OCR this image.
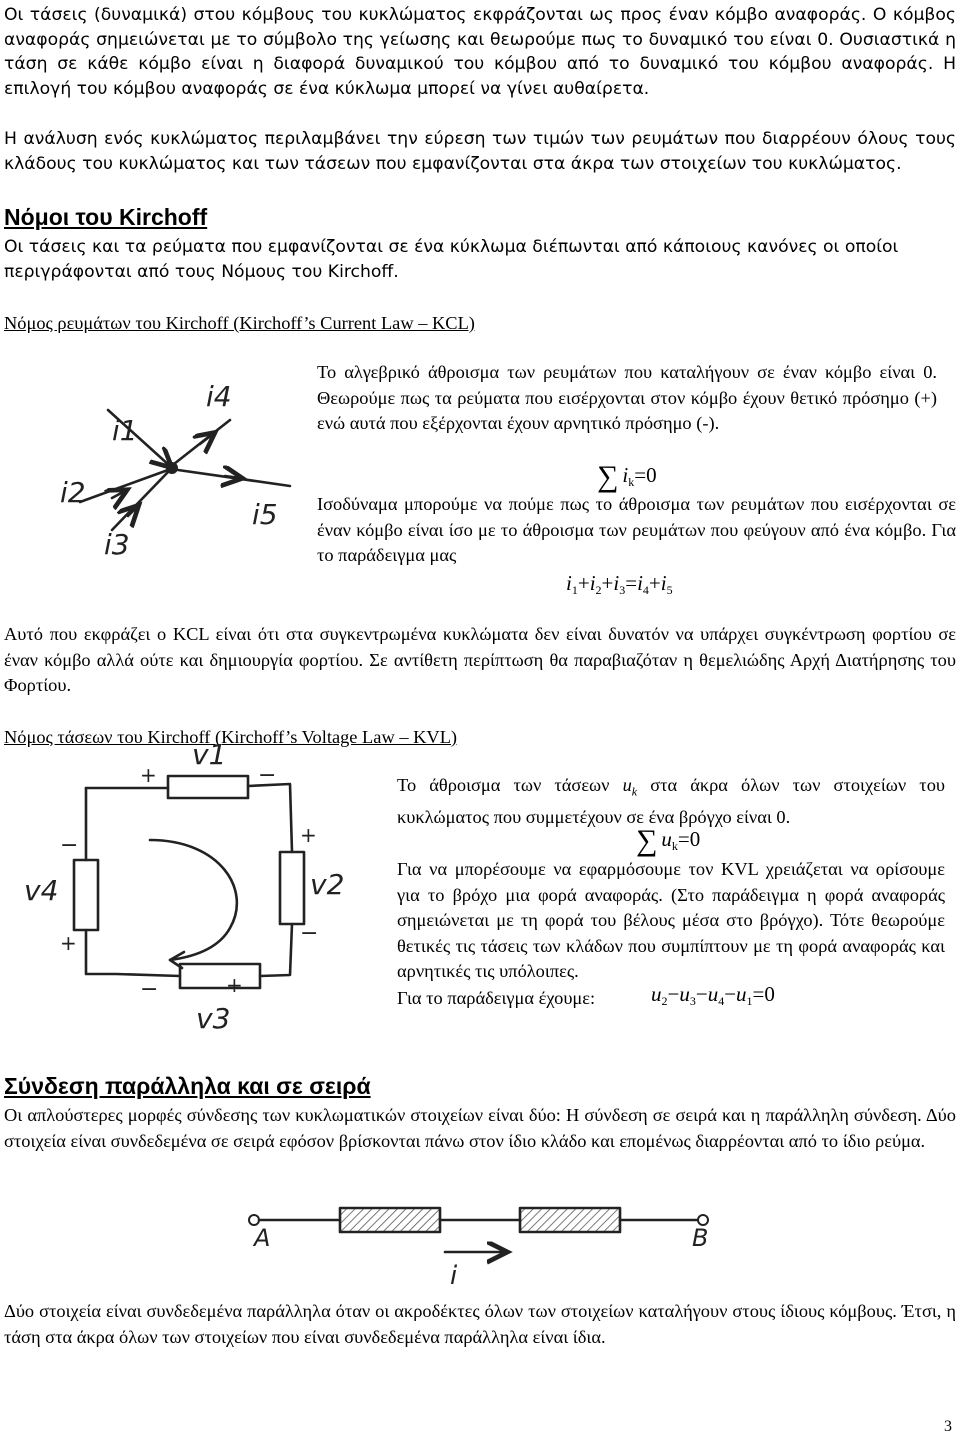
Οι τάσεις (δυναμικά) στου κόμβους του κυκλώματος εκφράζονται ως προς έναν κόμβο αναφοράς. Ο κόμβος αναφοράς σημειώνεται με το σύμβολο της γείωσης και θεωρούμε πως το δυναμικό του είναι 0. Ουσιαστικά η τάση σε κάθε κόμβο είναι η διαφορά δυναμικού του κόμβου από το δυναμικό του κόμβου αναφοράς. Η επιλογή του κόμβου αναφοράς σε ένα κύκλωμα μπορεί να γίνει αυθαίρετα.
Η ανάλυση ενός κυκλώματος περιλαμβάνει την εύρεση των τιμών των ρευμάτων που διαρρέουν όλους τους κλάδους του κυκλώματος και των τάσεων που εμφανίζονται στα άκρα των στοιχείων του κυκλώματος.
Νόμοι του Kirchoff
Οι τάσεις και τα ρεύματα που εμφανίζονται σε ένα κύκλωμα διέπωνται από κάποιους κανόνες οι οποίοι περιγράφονται από τους Νόμους του Kirchoff.
Νόμος ρευμάτων του Kirchoff (Kirchoff’s Current Law – KCL)
i1
i2
i3
i4
i5
Το αλγεβρικό άθροισμα των ρευμάτων που καταλήγουν σε έναν κόμβο είναι 0. Θεωρούμε πως τα ρεύματα που εισέρχονται στον κόμβο έχουν θετικό πρόσημο (+) ενώ αυτά που εξέρχονται έχουν αρνητικό πρόσημο (-).
∑ $i_k=0$
Ισοδύναμα μπορούμε να πούμε πως το άθροισμα των ρευμάτων που εισέρχονται σε έναν κόμβο είναι ίσο με το άθροισμα των ρευμάτων που φεύγουν από ένα κόμβο. Για το παράδειγμα μας
$i_1+i_2+i_3=i_4+i_5$
Αυτό που εκφράζει ο KCL είναι ότι στα συγκεντρωμένα κυκλώματα δεν είναι δυνατόν να υπάρχει συγκέντρωση φορτίου σε έναν κόμβο αλλά ούτε και δημιουργία φορτίου. Σε αντίθετη περίπτωση θα παραβιαζόταν η θεμελιώδης Αρχή Διατήρησης του Φορτίου.
Νόμος τάσεων του Kirchoff (Kirchoff’s Voltage Law – KVL)
+	−
+
−
−	+
−
+
v1
v2
v3
v4
Το άθροισμα των τάσεων $u_k$ στα άκρα όλων των στοιχείων του κυκλώματος που συμμετέχουν σε ένα βρόγχο είναι 0.
∑ $u_k=0$
Για να μπορέσουμε να εφαρμόσουμε τον KVL χρειάζεται να ορίσουμε για το βρόχο μια φορά αναφοράς. (Στο παράδειγμα η φορά αναφοράς σημειώνεται με τη φορά του βέλους μέσα στο βρόγχο). Τότε θεωρούμε θετικές τις τάσεις των κλάδων που συμπίπτουν με τη φορά αναφοράς και αρνητικές τις υπόλοιπες.
Για το παράδειγμα έχουμε:	$u_2-u_3-u_4-u_1=0$
Σύνδεση παράλληλα και σε σειρά
Οι απλούστερες μορφές σύνδεσης των κυκλωματικών στοιχείων είναι δύο: Η σύνδεση σε σειρά και η παράλληλη σύνδεση. Δύο στοιχεία είναι συνδεδεμένα σε σειρά εφόσον βρίσκονται πάνω στον ίδιο κλάδο και επομένως διαρρέονται από το ίδιο ρεύμα.
A	B
i
Δύο στοιχεία είναι συνδεδεμένα παράλληλα όταν οι ακροδέκτες όλων των στοιχείων καταλήγουν στους ίδιους κόμβους. Έτσι, η τάση στα άκρα όλων των στοιχείων που είναι συνδεδεμένα παράλληλα είναι ίδια.
3
